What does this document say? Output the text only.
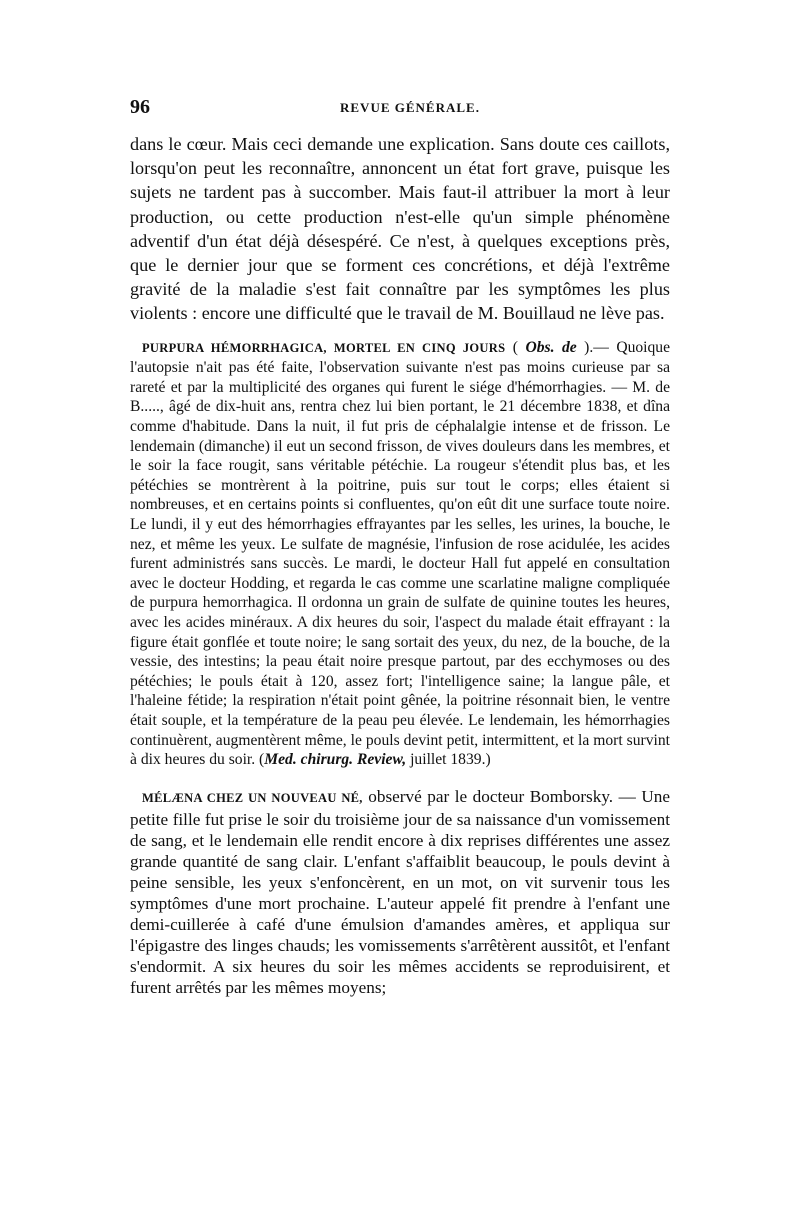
96	REVUE GÉNÉRALE.

dans le cœur. Mais ceci demande une explication. Sans doute ces caillots, lorsqu'on peut les reconnaître, annoncent un état fort grave, puisque les sujets ne tardent pas à succomber. Mais faut-il attribuer la mort à leur production, ou cette production n'est-elle qu'un simple phénomène adventif d'un état déjà désespéré. Ce n'est, à quelques exceptions près, que le dernier jour que se forment ces concrétions, et déjà l'extrême gravité de la maladie s'est fait connaître par les symptômes les plus violents : encore une difficulté que le travail de M. Bouillaud ne lève pas.

PURPURA HÉMORRHAGICA, MORTEL EN CINQ JOURS ( Obs. de ).— Quoique l'autopsie n'ait pas été faite, l'observation suivante n'est pas moins curieuse par sa rareté et par la multiplicité des organes qui furent le siége d'hémorrhagies. — M. de B....., âgé de dix-huit ans, rentra chez lui bien portant, le 21 décembre 1838, et dîna comme d'habitude. Dans la nuit, il fut pris de céphalalgie intense et de frisson. Le lendemain (dimanche) il eut un second frisson, de vives douleurs dans les membres, et le soir la face rougit, sans véritable pétéchie. La rougeur s'étendit plus bas, et les pétéchies se montrèrent à la poitrine, puis sur tout le corps; elles étaient si nombreuses, et en certains points si confluentes, qu'on eût dit une surface toute noire. Le lundi, il y eut des hémorrhagies effrayantes par les selles, les urines, la bouche, le nez, et même les yeux. Le sulfate de magnésie, l'infusion de rose acidulée, les acides furent administrés sans succès. Le mardi, le docteur Hall fut appelé en consultation avec le docteur Hodding, et regarda le cas comme une scarlatine maligne compliquée de purpura hemorrhagica. Il ordonna un grain de sulfate de quinine toutes les heures, avec les acides minéraux. A dix heures du soir, l'aspect du malade était effrayant : la figure était gonflée et toute noire; le sang sortait des yeux, du nez, de la bouche, de la vessie, des intestins; la peau était noire presque partout, par des ecchymoses ou des pétéchies; le pouls était à 120, assez fort; l'intelligence saine; la langue pâle, et l'haleine fétide; la respiration n'était point gênée, la poitrine résonnait bien, le ventre était souple, et la température de la peau peu élevée. Le lendemain, les hémorrhagies continuèrent, augmentèrent même, le pouls devint petit, intermittent, et la mort survint à dix heures du soir. (Med. chirurg. Review, juillet 1839.)

MÉLÆNA CHEZ UN NOUVEAU NÉ, observé par le docteur Bomborsky. — Une petite fille fut prise le soir du troisième jour de sa naissance d'un vomissement de sang, et le lendemain elle rendit encore à dix reprises différentes une assez grande quantité de sang clair. L'enfant s'affaiblit beaucoup, le pouls devint à peine sensible, les yeux s'enfoncèrent, en un mot, on vit survenir tous les symptômes d'une mort prochaine. L'auteur appelé fit prendre à l'enfant une demi-cuillerée à café d'une émulsion d'amandes amères, et appliqua sur l'épigastre des linges chauds; les vomissements s'arrêtèrent aussitôt, et l'enfant s'endormit. A six heures du soir les mêmes accidents se reproduisirent, et furent arrêtés par les mêmes moyens;
